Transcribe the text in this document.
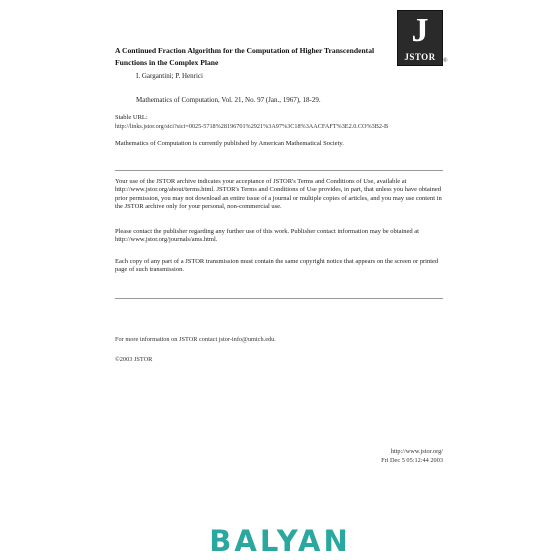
J
JSTOR	®
A Continued Fraction Algorithm for the Computation of Higher Transcendental Functions in the Complex Plane
I. Gargantini; P. Henrici
Mathematics of Computation, Vol. 21, No. 97 (Jan., 1967), 18-29.
Stable URL:
http://links.jstor.org/sici?sici=0025-5718%28196701%2921%3A97%3C18%3AACFAFT%3E2.0.CO%3B2-B
Mathematics of Computation is currently published by American Mathematical Society.
Your use of the JSTOR archive indicates your acceptance of JSTOR's Terms and Conditions of Use, available at http://www.jstor.org/about/terms.html. JSTOR's Terms and Conditions of Use provides, in part, that unless you have obtained prior permission, you may not download an entire issue of a journal or multiple copies of articles, and you may use content in the JSTOR archive only for your personal, non-commercial use.
Please contact the publisher regarding any further use of this work. Publisher contact information may be obtained at http://www.jstor.org/journals/ams.html.
Each copy of any part of a JSTOR transmission must contain the same copyright notice that appears on the screen or printed page of such transmission.
For more information on JSTOR contact jstor-info@umich.edu.
©2003 JSTOR
http://www.jstor.org/
Fri Dec 5 05:12:44 2003
BALYAN
